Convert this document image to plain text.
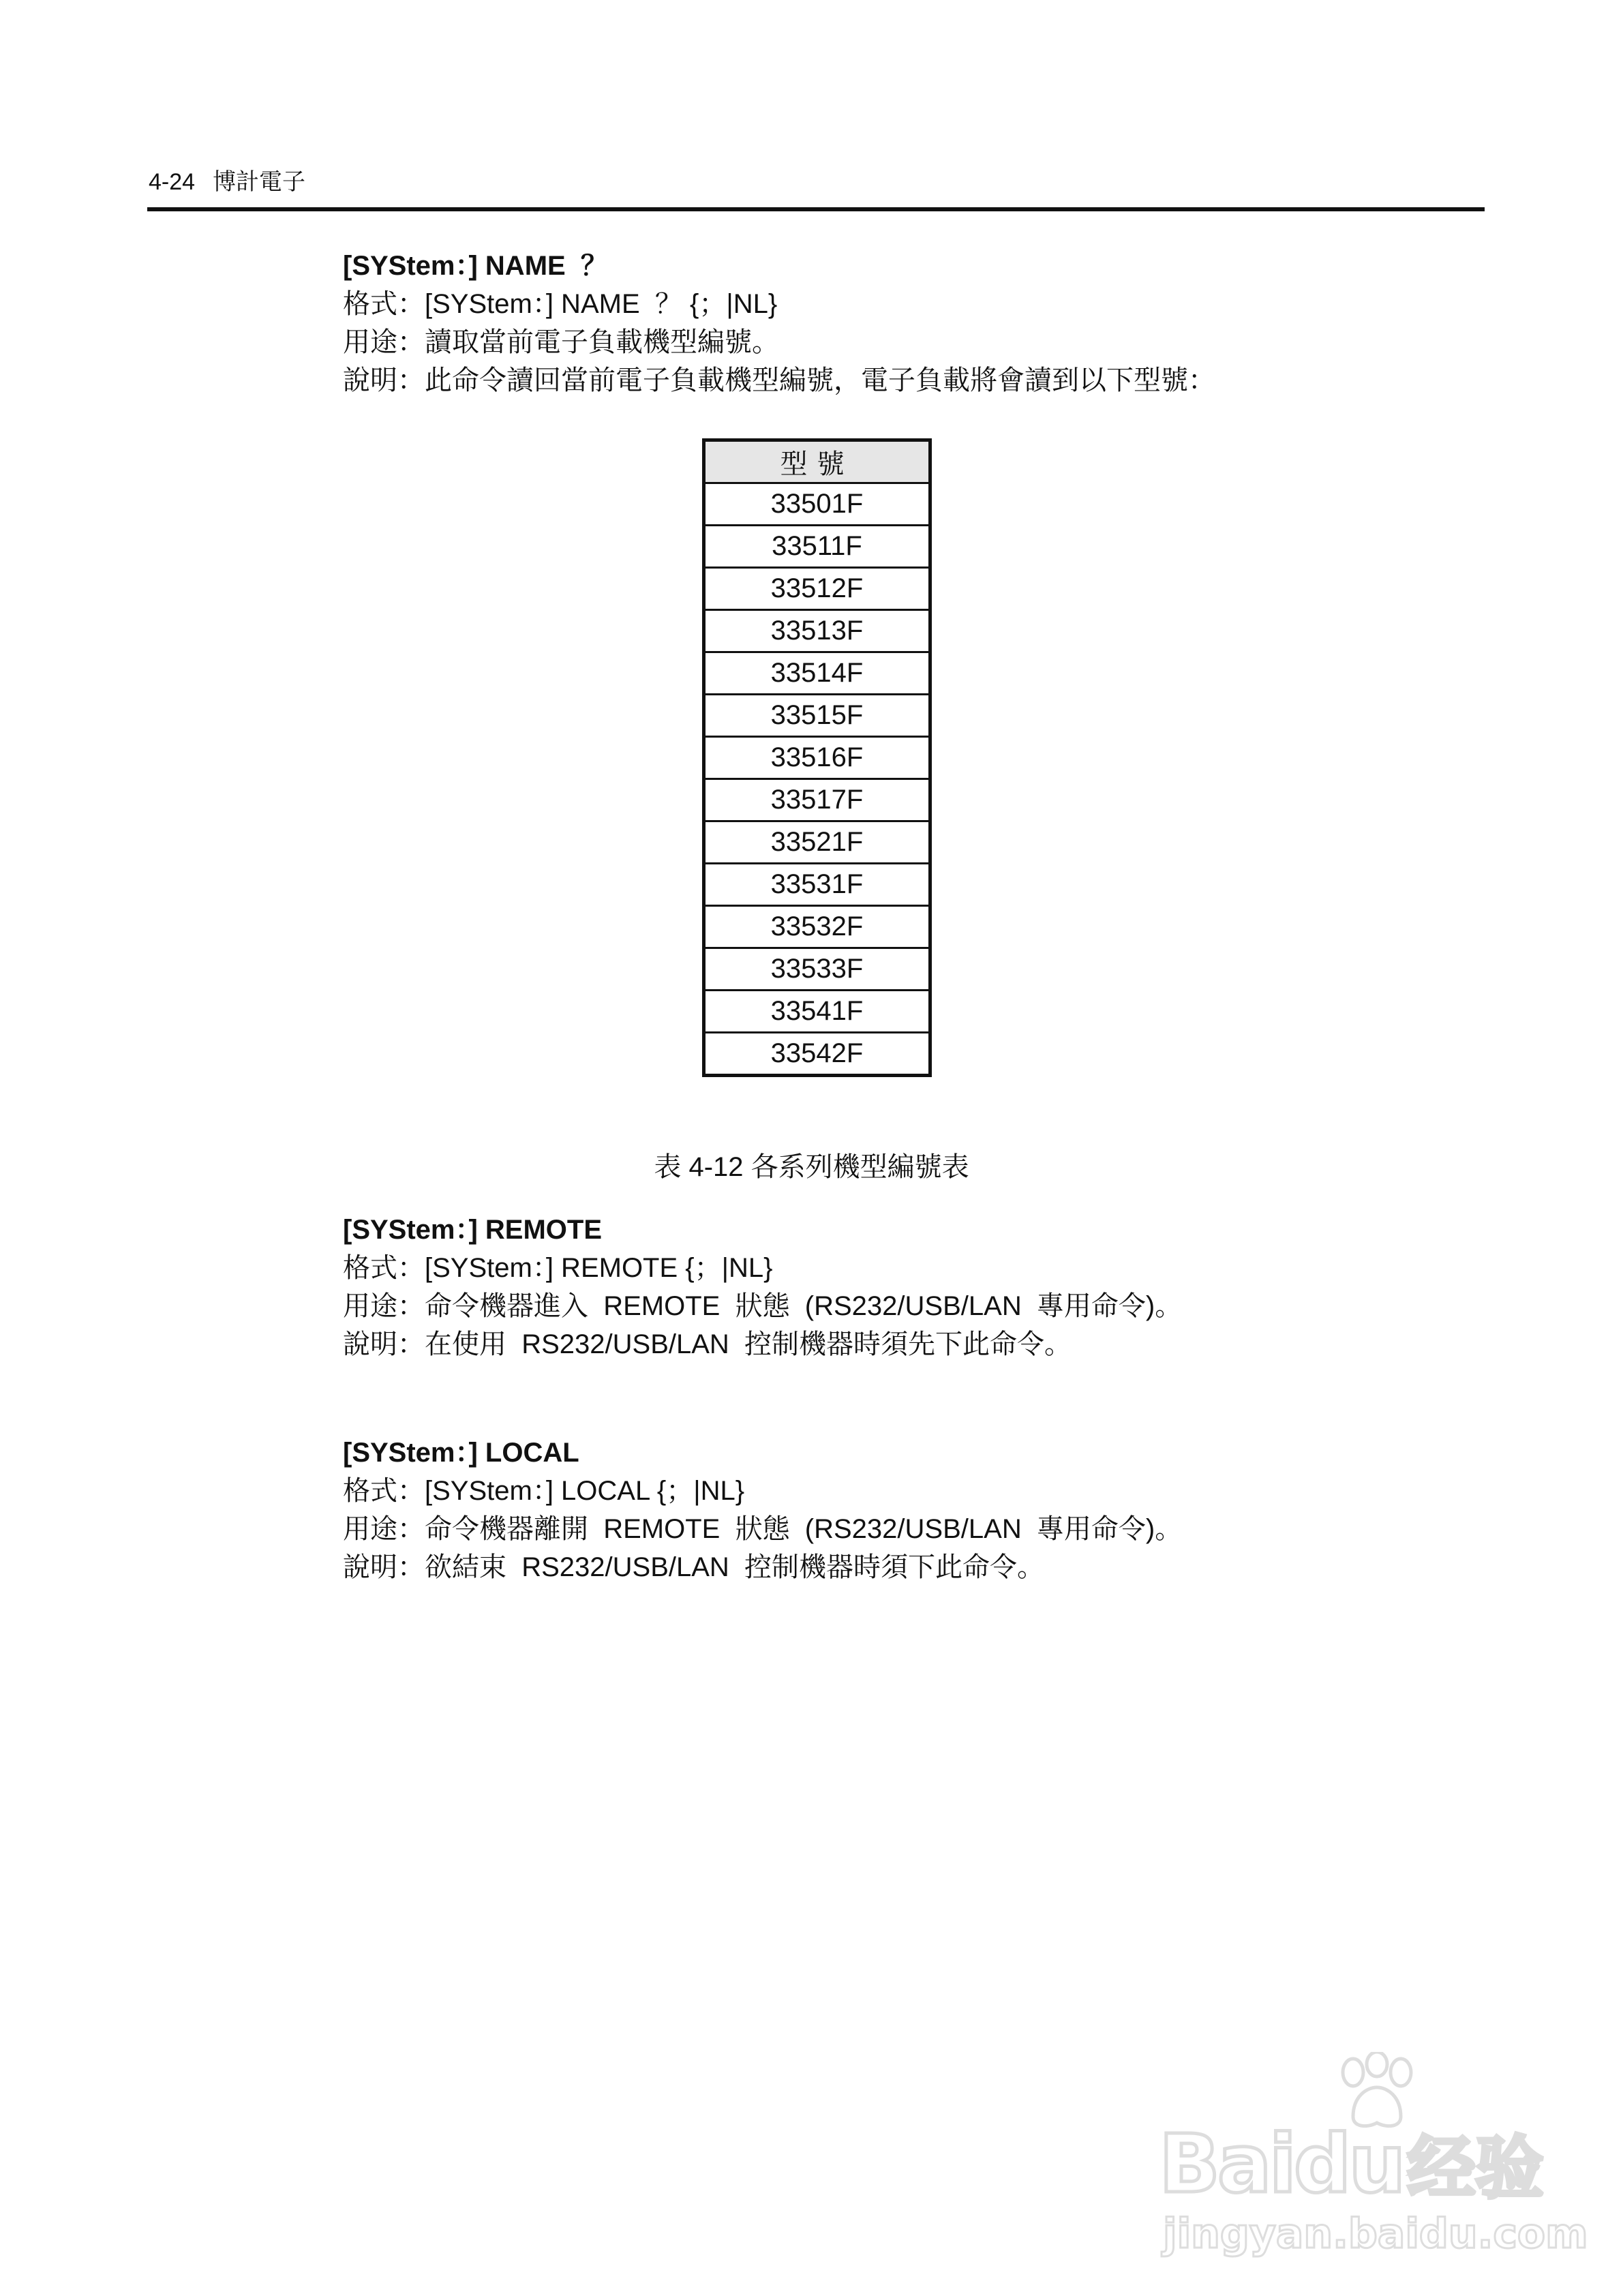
4-24 博計電子
[SYStem：] NAME  ？
格式：[SYStem：] NAME  ？ {；|NL}
用途：讀取當前電子負載機型編號。
說明：此命令讀回當前電子負載機型編號，電子負載將會讀到以下型號：
型號
33501F
33511F
33512F
33513F
33514F
33515F
33516F
33517F
33521F
33531F
33532F
33533F
33541F
33542F
表 4-12 各系列機型編號表
[SYStem：] REMOTE
格式：[SYStem：] REMOTE {；|NL}
用途：命令機器進入  REMOTE  狀態  (RS232/USB/LAN  專用命令)。
說明：在使用  RS232/USB/LAN  控制機器時須先下此命令。
[SYStem：] LOCAL
格式：[SYStem：] LOCAL {；|NL}
用途：命令機器離開  REMOTE  狀態  (RS232/USB/LAN  專用命令)。
說明：欲結束  RS232/USB/LAN  控制機器時須下此命令。
Baidu经验
jingyan.baidu.com
